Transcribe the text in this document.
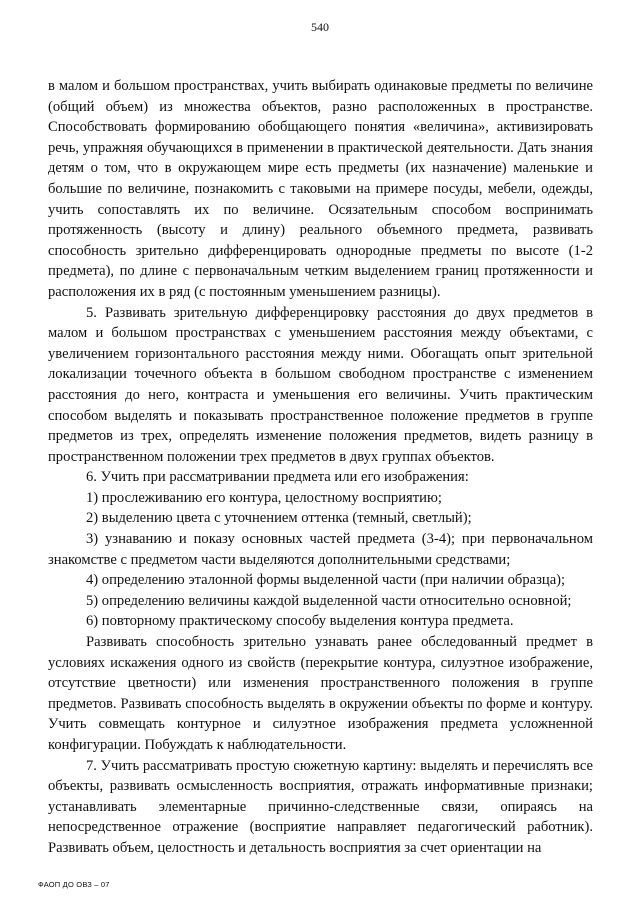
540

в малом и большом пространствах, учить выбирать одинаковые предметы по величине (общий объем) из множества объектов, разно расположенных в пространстве. Способствовать формированию обобщающего понятия «величина», активизировать речь, упражняя обучающихся в применении в практической деятельности. Дать знания детям о том, что в окружающем мире есть предметы (их назначение) маленькие и большие по величине, познакомить с таковыми на примере посуды, мебели, одежды, учить сопоставлять их по величине. Осязательным способом воспринимать протяженность (высоту и длину) реального объемного предмета, развивать способность зрительно дифференцировать однородные предметы по высоте (1-2 предмета), по длине с первоначальным четким выделением границ протяженности и расположения их в ряд (с постоянным уменьшением разницы).

5. Развивать зрительную дифференцировку расстояния до двух предметов в малом и большом пространствах с уменьшением расстояния между объектами, с увеличением горизонтального расстояния между ними. Обогащать опыт зрительной локализации точечного объекта в большом свободном пространстве с изменением расстояния до него, контраста и уменьшения его величины. Учить практическим способом выделять и показывать пространственное положение предметов в группе предметов из трех, определять изменение положения предметов, видеть разницу в пространственном положении трех предметов в двух группах объектов.

6. Учить при рассматривании предмета или его изображения:

1) прослеживанию его контура, целостному восприятию;

2) выделению цвета с уточнением оттенка (темный, светлый);

3) узнаванию и показу основных частей предмета (3-4); при первоначальном знакомстве с предметом части выделяются дополнительными средствами;

4) определению эталонной формы выделенной части (при наличии образца);

5) определению величины каждой выделенной части относительно основной;

6) повторному практическому способу выделения контура предмета.

Развивать способность зрительно узнавать ранее обследованный предмет в условиях искажения одного из свойств (перекрытие контура, силуэтное изображение, отсутствие цветности) или изменения пространственного положения в группе предметов. Развивать способность выделять в окружении объекты по форме и контуру. Учить совмещать контурное и силуэтное изображения предмета усложненной конфигурации. Побуждать к наблюдательности.

7. Учить рассматривать простую сюжетную картину: выделять и перечислять все объекты, развивать осмысленность восприятия, отражать информативные признаки; устанавливать элементарные причинно-следственные связи, опираясь на непосредственное отражение (восприятие направляет педагогический работник). Развивать объем, целостность и детальность восприятия за счет ориентации на

ФАОП ДО ОВЗ – 07
